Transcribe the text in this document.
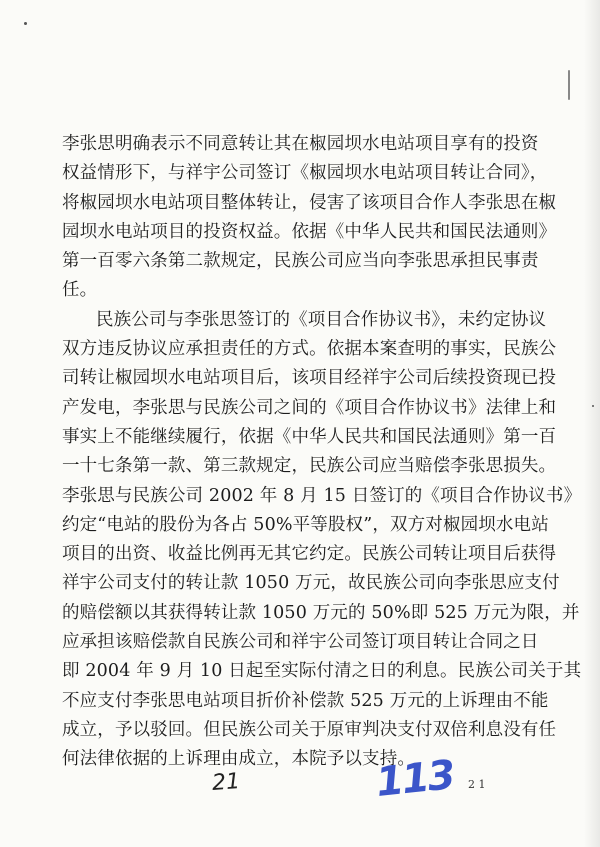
李张思明确表示不同意转让其在椒园坝水电站项目享有的投资
权益情形下，与祥宇公司签订《椒园坝水电站项目转让合同》，
将椒园坝水电站项目整体转让，侵害了该项目合作人李张思在椒
园坝水电站项目的投资权益。依据《中华人民共和国民法通则》
第一百零六条第二款规定，民族公司应当向李张思承担民事责
任。
民族公司与李张思签订的《项目合作协议书》，未约定协议
双方违反协议应承担责任的方式。依据本案查明的事实，民族公
司转让椒园坝水电站项目后，该项目经祥宇公司后续投资现已投
产发电，李张思与民族公司之间的《项目合作协议书》法律上和
事实上不能继续履行，依据《中华人民共和国民法通则》第一百
一十七条第一款、第三款规定，民族公司应当赔偿李张思损失。
李张思与民族公司 2002 年 8 月 15 日签订的《项目合作协议书》
约定“电站的股份为各占 50%平等股权”，双方对椒园坝水电站
项目的出资、收益比例再无其它约定。民族公司转让项目后获得
祥宇公司支付的转让款 1050 万元，故民族公司向李张思应支付
的赔偿额以其获得转让款 1050 万元的 50%即 525 万元为限，并
应承担该赔偿款自民族公司和祥宇公司签订项目转让合同之日
即 2004 年 9 月 10 日起至实际付清之日的利息。民族公司关于其
不应支付李张思电站项目折价补偿款 525 万元的上诉理由不能
成立，予以驳回。但民族公司关于原审判决支付双倍利息没有任
何法律依据的上诉理由成立，本院予以支持。
21	113 2 1
